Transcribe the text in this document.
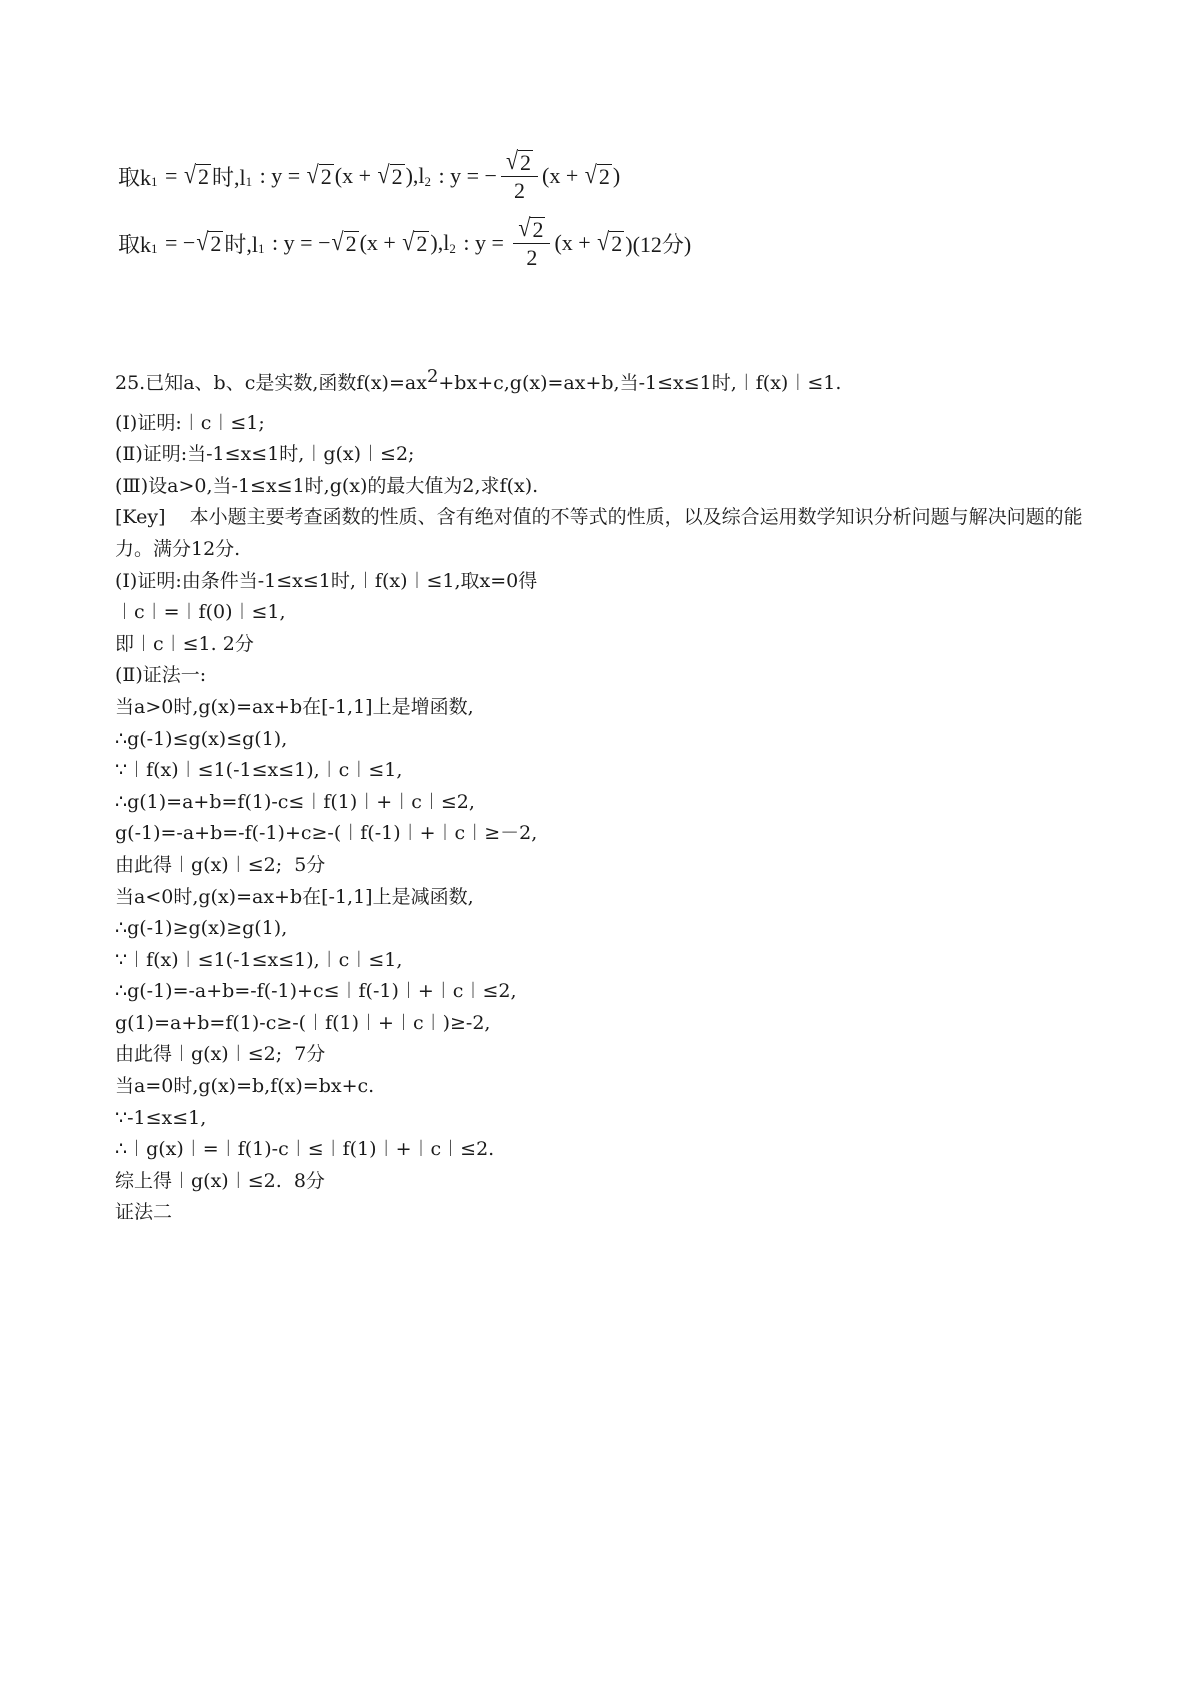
取k 1 = √ 2 时,l 1 : y = √ 2 (x + √ 2 ),l 2 : y = − $\frac{√ 2}{2} (x$ + √ 2 )
取k 1 = − √ 2 时,l 1 : y = − √ 2 (x + √ 2 ),l 2 : $y = \frac{√ 2}{2} (x$ + √ 2 )(12分)
25.已知a、b、c是实数,函数$f(x)=ax^2+bx+c,g(x)=ax+b$,当-1≤x≤1时,︱f(x)︱≤1.
(Ⅰ)证明:︱c︱≤1;
(Ⅱ)证明:当-1≤x≤1时,︱g(x)︱≤2;
(Ⅲ)设a>0,当-1≤x≤1时,g(x)的最大值为2,求f(x).
[Key]    本小题主要考查函数的性质、含有绝对值的不等式的性质，以及综合运用数学知识分析问题与解决问题的能力。满分12分.
(Ⅰ)证明:由条件当-1≤x≤1时,︱f(x)︱≤1,取x=0得
︱c︱=︱f(0)︱≤1,
即︱c︱≤1. 2分
(Ⅱ)证法一:
当a>0时,g(x)=ax+b在[-1,1]上是增函数,
∴g(-1)≤g(x)≤g(1),
∵︱f(x)︱≤1(-1≤x≤1),︱c︱≤1,
∴g(1)=a+b=f(1)-c≤︱f(1)︱+︱c︱≤2,
g(-1)=-a+b=-f(-1)+c≥-(︱f(-1)︱+︱c︱≥－2,
由此得︱g(x)︱≤2;  5分
当a<0时,g(x)=ax+b在[-1,1]上是减函数,
∴g(-1)≥g(x)≥g(1),
∵︱f(x)︱≤1(-1≤x≤1),︱c︱≤1,
∴g(-1)=-a+b=-f(-1)+c≤︱f(-1)︱+︱c︱≤2,
g(1)=a+b=f(1)-c≥-(︱f(1)︱+︱c︱)≥-2,
由此得︱g(x)︱≤2;  7分
当a=0时,g(x)=b,f(x)=bx+c.
∵-1≤x≤1,
∴︱g(x)︱=︱f(1)-c︱≤︱f(1)︱+︱c︱≤2.
综上得︱g(x)︱≤2.  8分
证法二
